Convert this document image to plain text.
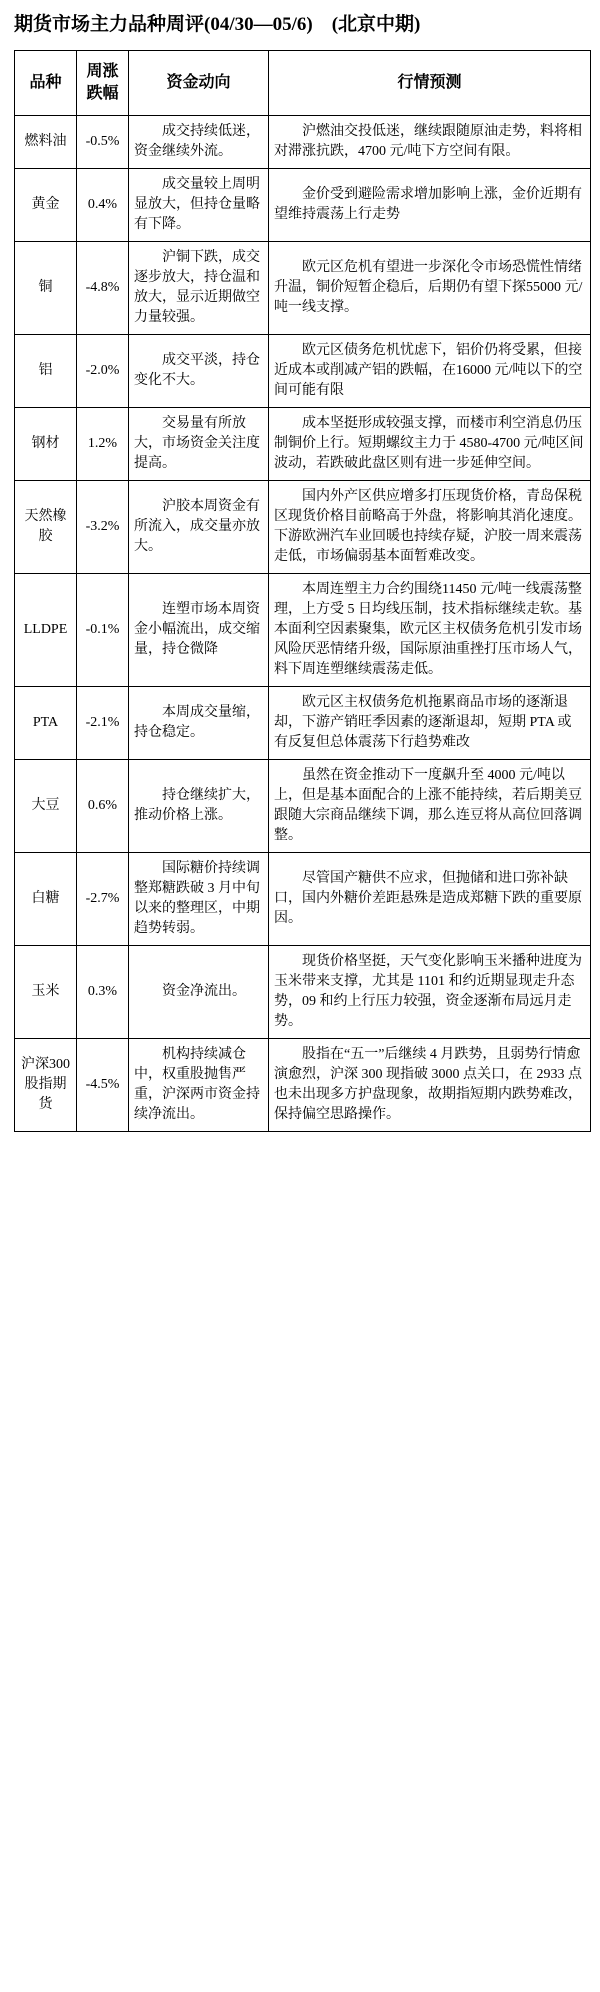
期货市场主力品种周评(04/30—05/6)　(北京中期)
品种	周涨跌幅	资金动向	行情预测
燃料油	-0.5%	成交持续低迷，资金继续外流。	沪燃油交投低迷，继续跟随原油走势，料将相对滞涨抗跌，4700 元/吨下方空间有限。
黄金	0.4%	成交量较上周明显放大，但持仓量略有下降。	金价受到避险需求增加影响上涨，金价近期有望维持震荡上行走势
铜	-4.8%	沪铜下跌，成交逐步放大，持仓温和放大，显示近期做空力量较强。	欧元区危机有望进一步深化令市场恐慌性情绪升温，铜价短暂企稳后，后期仍有望下探55000 元/吨一线支撑。
铝	-2.0%	成交平淡，持仓变化不大。	欧元区债务危机忧虑下，铝价仍将受累，但接近成本或削减产铝的跌幅，在16000 元/吨以下的空间可能有限
钢材	1.2%	交易量有所放大，市场资金关注度提高。	成本坚挺形成较强支撑，而楼市利空消息仍压制铜价上行。短期螺纹主力于 4580-4700 元/吨区间波动，若跌破此盘区则有进一步延伸空间。
天然橡胶	-3.2%	沪胶本周资金有所流入，成交量亦放大。	国内外产区供应增多打压现货价格，青岛保税区现货价格目前略高于外盘，将影响其消化速度。下游欧洲汽车业回暖也持续存疑，沪胶一周来震荡走低，市场偏弱基本面暂难改变。
LLDPE	-0.1%	连塑市场本周资金小幅流出，成交缩量，持仓微降	本周连塑主力合约围绕11450 元/吨一线震荡整理，上方受 5 日均线压制，技术指标继续走软。基本面利空因素聚集，欧元区主权债务危机引发市场风险厌恶情绪升级，国际原油重挫打压市场人气，料下周连塑继续震荡走低。
PTA	-2.1%	本周成交量缩，持仓稳定。	欧元区主权债务危机拖累商品市场的逐渐退却，下游产销旺季因素的逐渐退却，短期 PTA 或有反复但总体震荡下行趋势难改
大豆	0.6%	持仓继续扩大，推动价格上涨。	虽然在资金推动下一度飙升至 4000 元/吨以上，但是基本面配合的上涨不能持续，若后期美豆跟随大宗商品继续下调，那么连豆将从高位回落调整。
白糖	-2.7%	国际糖价持续调整郑糖跌破 3 月中旬以来的整理区，中期趋势转弱。	尽管国产糖供不应求，但抛储和进口弥补缺口，国内外糖价差距悬殊是造成郑糖下跌的重要原因。
玉米	0.3%	资金净流出。	现货价格坚挺，天气变化影响玉米播种进度为玉米带来支撑，尤其是 1101 和约近期显现走升态势，09 和约上行压力较强，资金逐渐布局远月走势。
沪深300 股指期货	-4.5%	机构持续减仓中，权重股抛售严重，沪深两市资金持续净流出。	股指在“五一”后继续 4 月跌势，且弱势行情愈演愈烈，沪深 300 现指破 3000 点关口，在 2933 点也未出现多方护盘现象，故期指短期内跌势难改，保持偏空思路操作。
